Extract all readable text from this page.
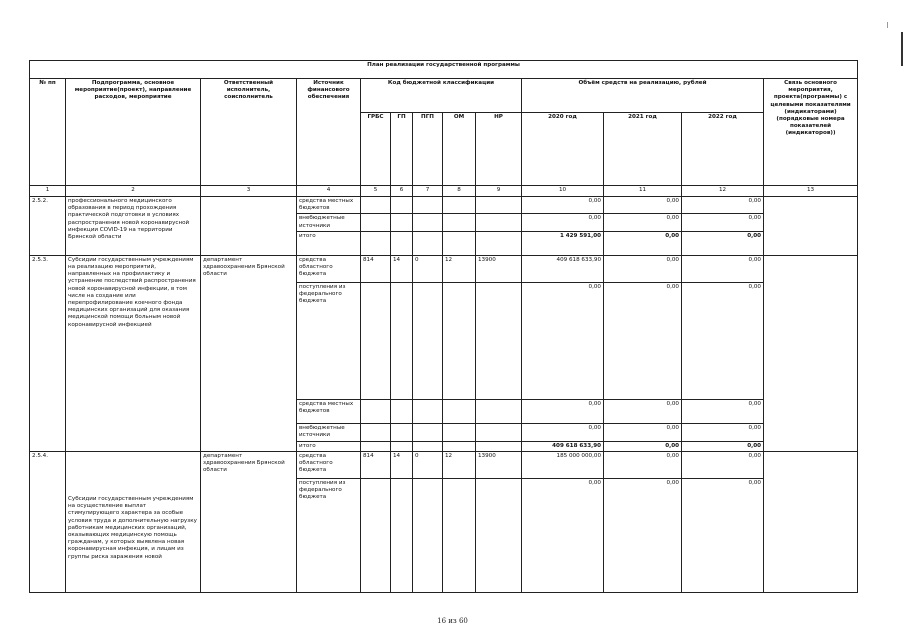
План реализации государственной программы												
№ пп	Подпрограмма, основное мероприятие(проект), направление расходов, мероприятие	Ответственный исполнитель, соисполнитель	Источник финансового обеспечения	Код бюджетной классификации					Объём средств на реализацию, рублей			Связь основного мероприятия, проекта(программы) с целевыми показателями (индикаторами) (порядковые номера показателей (индикаторов))
				ГРБС	ГП	ПГП	ОМ	НР	2020 год	2021 год	2022 год	
1	2	3	4	5	6	7	8	9	10	11	12	13
2.5.2.	профессионального медицинского образования в период прохождения практической подготовки в условиях распространения новой коронавирусной инфекции COVID-19 на территории Брянской области		средства местных бюджетов						0,00	0,00	0,00	
			внебюджетные источники						0,00	0,00	0,00	
			итого						1 429 591,00	0,00	0,00	
2.5.3.	Субсидии государственным учреждениям на реализацию мероприятий, направленных на профилактику и устранение последствий распространения новой коронавирусной инфекции, в том числе на создание или перепрофилирование коечного фонда медицинских организаций для оказания медицинской помощи больным новой коронавирусной инфекцией	департамент здравоохранения Брянской области	средства областного бюджета	814	14	0	12	13900	409 618 633,90	0,00	0,00	
			поступления из федерального бюджета						0,00	0,00	0,00	
			средства местных бюджетов						0,00	0,00	0,00	
			внебюджетные источники						0,00	0,00	0,00	
			итого						409 618 633,90	0,00	0,00	
2.5.4.	Субсидии государственным учреждениям на осуществление выплат стимулирующего характера за особые условия труда и дополнительную нагрузку работникам медицинских организаций, оказывающих медицинскую помощь гражданам, у которых выявлена новая коронавирусная инфекция, и лицам из группы риска заражения новой	департамент здравоохранения Брянской области	средства областного бюджета	814	14	0	12	13900	185 000 000,00	0,00	0,00	
			поступления из федерального бюджета						0,00	0,00	0,00	
16 из 60
